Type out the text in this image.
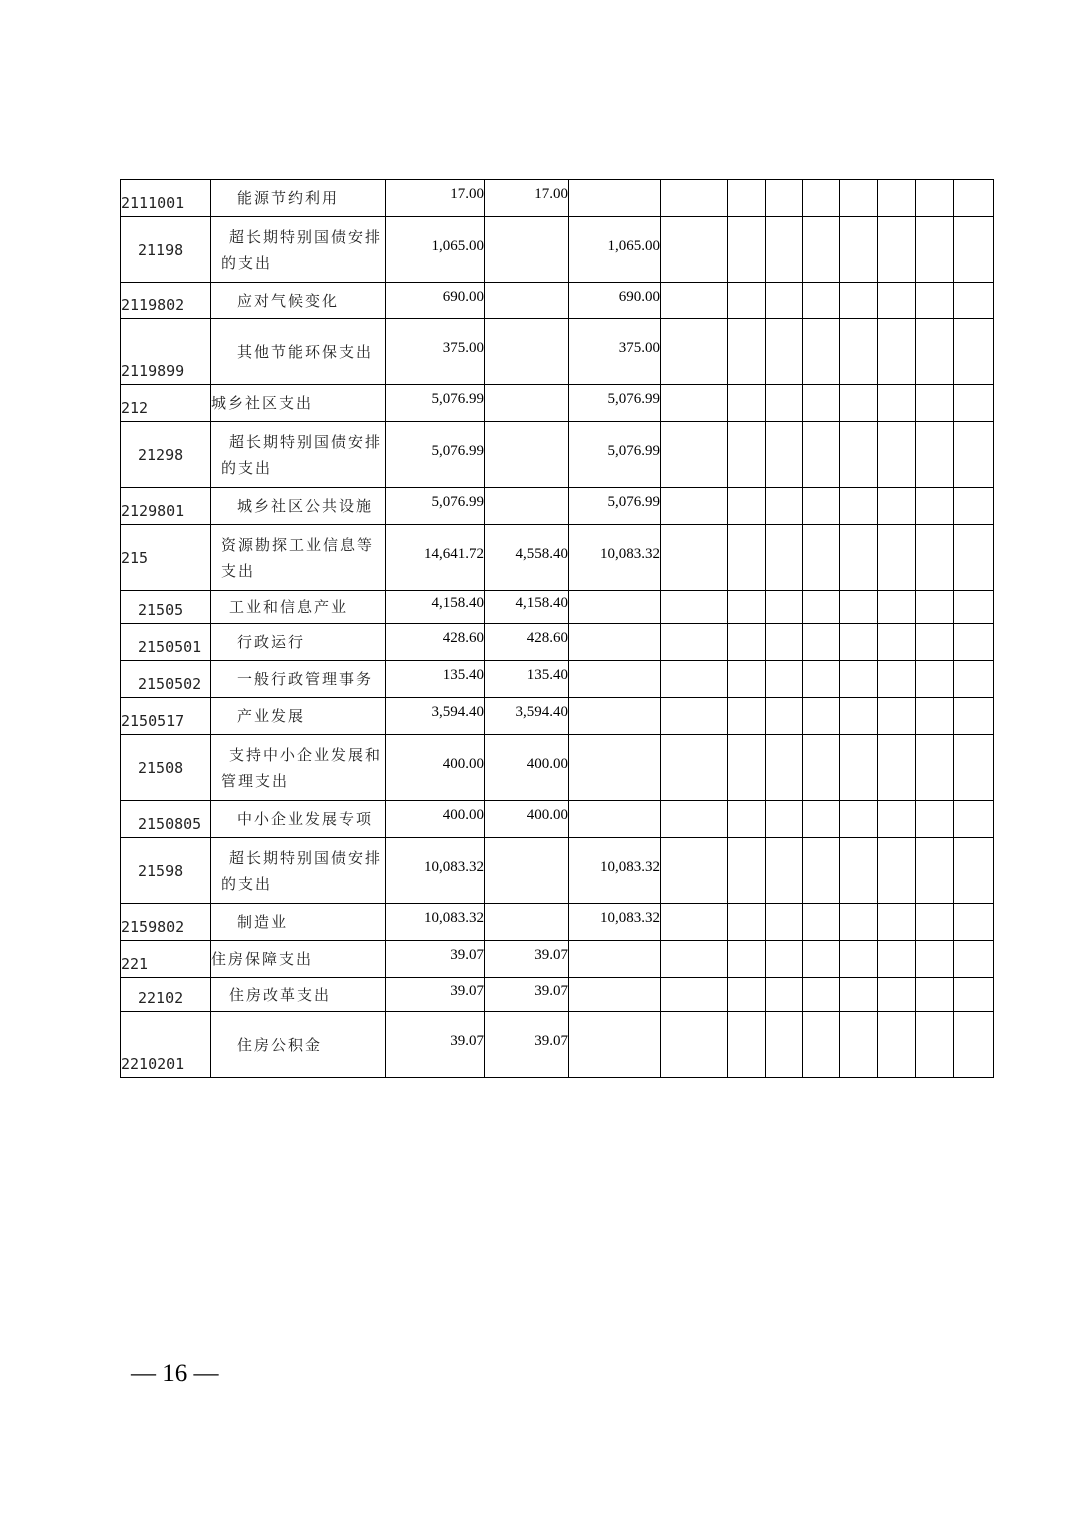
2111001	能源节约利用	17.00	17.00									
21198	超长期特别国债安排
的支出	1,065.00		1,065.00								
2119802	应对气候变化	690.00		690.00								
2119899	其他节能环保支出	375.00		375.00								
212	城乡社区支出	5,076.99		5,076.99								
21298	超长期特别国债安排
的支出	5,076.99		5,076.99								
2129801	城乡社区公共设施	5,076.99		5,076.99								
215	资源勘探工业信息等
支出	14,641.72	4,558.40	10,083.32								
21505	工业和信息产业	4,158.40	4,158.40									
2150501	行政运行	428.60	428.60									
2150502	一般行政管理事务	135.40	135.40									
2150517	产业发展	3,594.40	3,594.40									
21508	支持中小企业发展和
管理支出	400.00	400.00									
2150805	中小企业发展专项	400.00	400.00									
21598	超长期特别国债安排
的支出	10,083.32		10,083.32								
2159802	制造业	10,083.32		10,083.32								
221	住房保障支出	39.07	39.07									
22102	住房改革支出	39.07	39.07									
2210201	住房公积金	39.07	39.07									
— 16 —
